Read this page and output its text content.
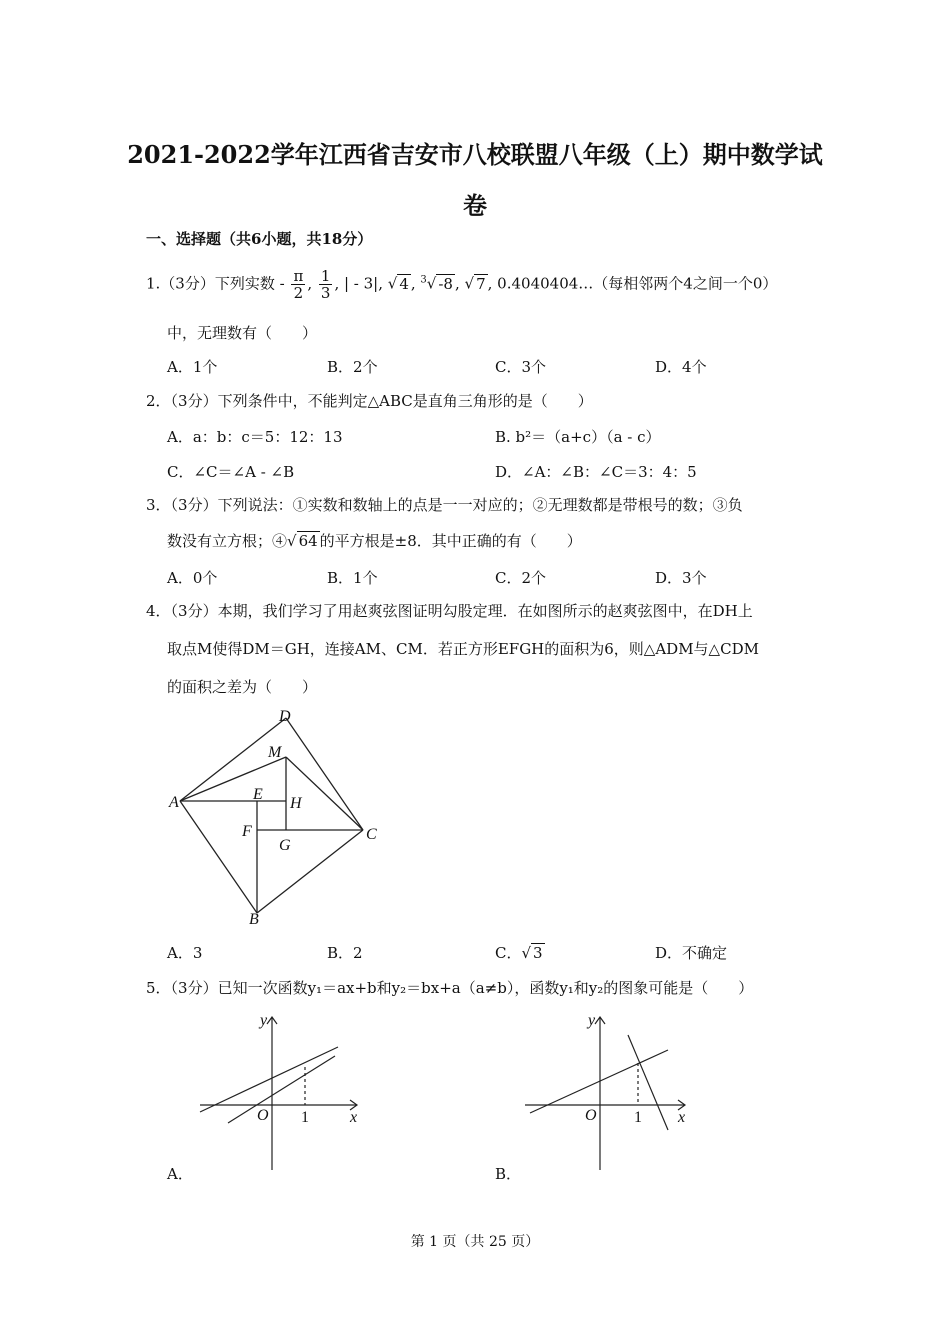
2021-2022学年江西省吉安市八校联盟八年级（上）期中数学试
卷
一、选择题（共6小题，共18分）
1.（3分）下列实数 - $\frac{\pi}{2}$ , $\frac{1}{3}$ , | - 3|, √ 4 , $^3$√ -8 , √ 7 , 0.4040404…（每相邻两个4之间一个0）
中，无理数有（　　）
A．1个	B．2个	C．3个	D．4个
2．（3分）下列条件中，不能判定△ABC是直角三角形的是（　　）
A．a：b：c＝5：12：13	B. b²＝（a+c）（a - c）
C．∠C＝∠A - ∠B	D．∠A：∠B：∠C＝3：4：5
3．（3分）下列说法：①实数和数轴上的点是一一对应的；②无理数都是带根号的数；③负
数没有立方根；④√ 64 的平方根是±8．其中正确的有（　　）
A．0个	B．1个	C．2个	D．3个
4．（3分）本期，我们学习了用赵爽弦图证明勾股定理．在如图所示的赵爽弦图中，在DH上
取点M使得DM＝GH，连接AM、CM．若正方形EFGH的面积为6，则△ADM与△CDM
的面积之差为（　　）
D
M
A	E
H
F
G
C
B
A．3	B．2	C．√ 3	D．不确定
5．（3分）已知一次函数y₁＝ax+b和y₂＝bx+a（a≠b），函数y₁和y₂的图象可能是（　　）
y
x
O 1
A．
y
x
O 1
B．
第 1 页（共 25 页）
